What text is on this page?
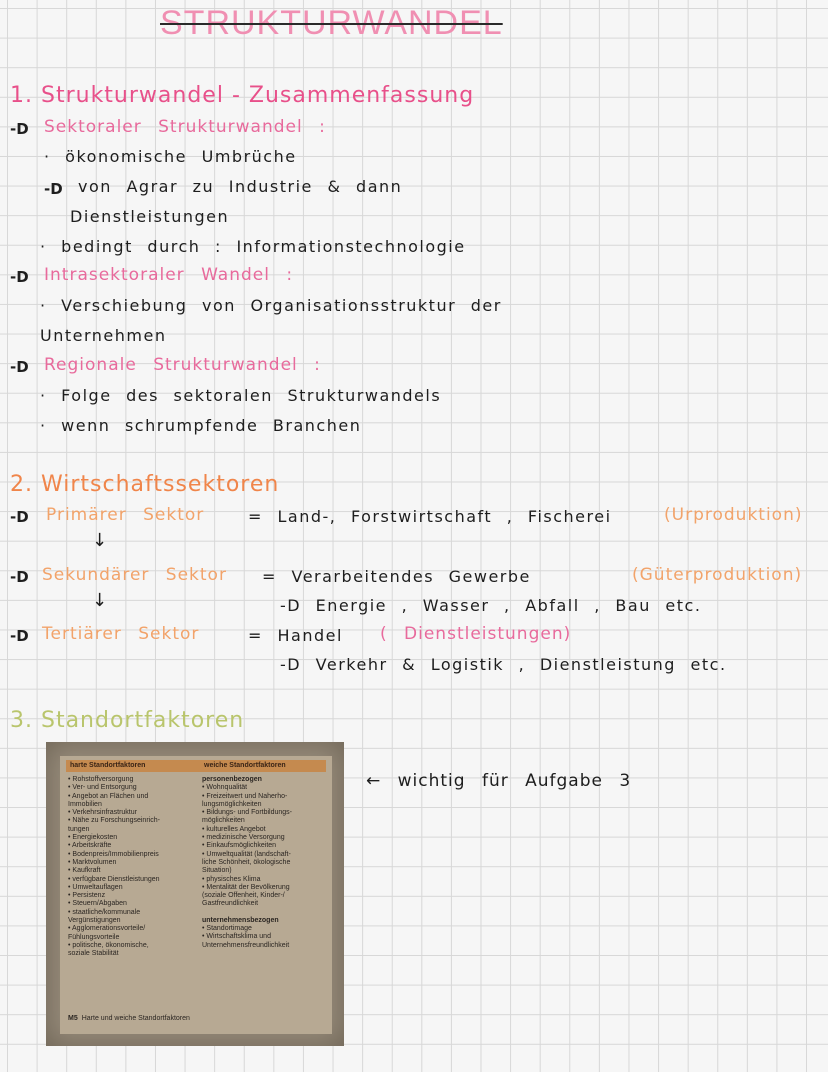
STRUKTURWANDEL
1. Strukturwandel - Zusammenfassung
-D Sektoraler Strukturwandel :
· ökonomische Umbrüche
-D von Agrar zu Industrie & dann
Dienstleistungen
· bedingt durch : Informationstechnologie
-D Intrasektoraler Wandel :
· Verschiebung von Organisationsstruktur der
Unternehmen
-D Regionale Strukturwandel :
· Folge des sektoralen Strukturwandels
· wenn schrumpfende Branchen
2. Wirtschaftssektoren
-D Primärer Sektor	= Land-, Forstwirtschaft , Fischerei	(Urproduktion)
↓
-D Sekundärer Sektor = Verarbeitendes Gewerbe	(Güterproduktion)
↓	-D Energie , Wasser , Abfall , Bau etc.
-D Tertiärer Sektor	= Handel ( Dienstleistungen)
-D Verkehr & Logistik , Dienstleistung etc.
3. Standortfaktoren
← wichtig für Aufgabe 3
harte Standortfaktoren	weiche Standortfaktoren
• Rohstoffversorgung
• Ver- und Entsorgung
• Angebot an Flächen und
Immobilien
• Verkehrsinfrastruktur
• Nähe zu Forschungseinrich-
tungen
• Energiekosten
• Arbeitskräfte
• Bodenpreis/Immobilienpreis
• Marktvolumen
• Kaufkraft
• verfügbare Dienstleistungen
• Umweltauflagen
• Persistenz
• Steuern/Abgaben
• staatliche/kommunale
Vergünstigungen
• Agglomerationsvorteile/
Fühlungsvorteile
• politische, ökonomische,
soziale Stabilität
personenbezogen
• Wohnqualität
• Freizeitwert und Naherho-
lungsmöglichkeiten
• Bildungs- und Fortbildungs-
möglichkeiten
• kulturelles Angebot
• medizinische Versorgung
• Einkaufsmöglichkeiten
• Umweltqualität (landschaft-
liche Schönheit, ökologische
Situation)
• physisches Klima
• Mentalität der Bevölkerung
(soziale Offenheit, Kinder-/
Gastfreundlichkeit
unternehmensbezogen
• Standortimage
• Wirtschaftsklima und
Unternehmensfreundlichkeit
M5 Harte und weiche Standortfaktoren
